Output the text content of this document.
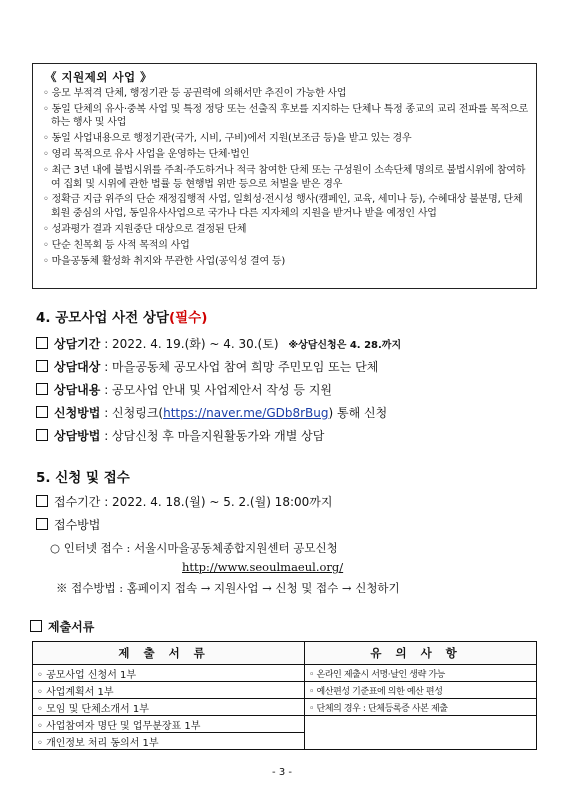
《 지원제외 사업 》
◦ 응모 부적격 단체, 행정기관 등 공권력에 의해서만 추진이 가능한 사업
◦ 동일 단체의 유사·중복 사업 및 특정 정당 또는 선출직 후보를 지지하는 단체나 특정 종교의 교리 전파를 목적으로 하는 행사 및 사업
◦ 동일 사업내용으로 행정기관(국가, 시비, 구비)에서 지원(보조금 등)을 받고 있는 경우
◦ 영리 목적으로 유사 사업을 운영하는 단체·법인
◦ 최근 3년 내에 불법시위를 주최·주도하거나 적극 참여한 단체 또는 구성원이 소속단체 명의로 불법시위에 참여하여 집회 및 시위에 관한 법률 등 현행법 위반 등으로 처벌을 받은 경우
◦ 정확금 지급 위주의 단순 재정집행적 사업, 일회성·전시성 행사(캠페인, 교육, 세미나 등), 수혜대상 불분명, 단체회원 중심의 사업, 동일유사사업으로 국가나 다른 지자체의 지원을 받거나 받을 예정인 사업
◦ 성과평가 결과 지원중단 대상으로 결정된 단체
◦ 단순 친목회 등 사적 목적의 사업
◦ 마을공동체 활성화 취지와 무관한 사업(공익성 결여 등)
4. 공모사업 사전 상담(필수)
상담기간 : 2022. 4. 19.(화) ~ 4. 30.(토) ※상담신청은 4. 28.까지
상담대상 : 마을공동체 공모사업 참여 희망 주민모임 또는 단체
상담내용 : 공모사업 안내 및 사업제안서 작성 등 지원
신청방법 : 신청링크(https://naver.me/GDb8rBug) 통해 신청
상담방법 : 상담신청 후 마을지원활동가와 개별 상담
5. 신청 및 접수
접수기간 : 2022. 4. 18.(월) ~ 5. 2.(월) 18:00까지
접수방법
○ 인터넷 접수 : 서울시마을공동체종합지원센터 공모신청
http://www.seoulmaeul.org/
※ 접수방법 : 홈페이지 접속 → 지원사업 → 신청 및 접수 → 신청하기
제출서류
제출서류	유의사항
◦ 공모사업 신청서 1부	◦ 온라인 제출시 서명·날인 생략 가능
◦ 사업계획서 1부	◦ 예산편성 기준표에 의한 예산 편성
◦ 모임 및 단체소개서 1부	◦ 단체의 경우 : 단체등록증 사본 제출
◦ 사업참여자 명단 및 업무분장표 1부	
◦ 개인정보 처리 동의서 1부	
- 3 -
